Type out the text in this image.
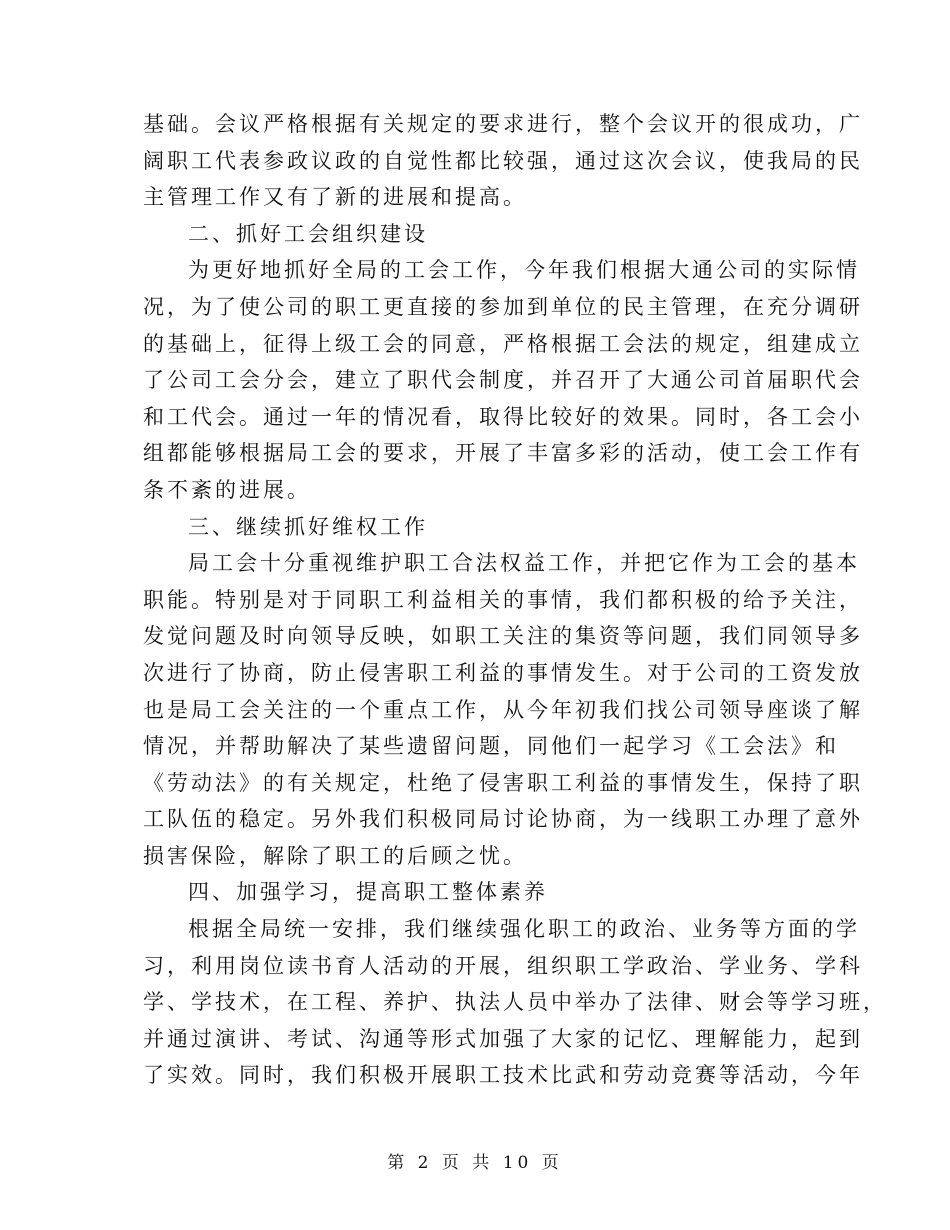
基础。会议严格根据有关规定的要求进行，整个会议开的很成功，广
阔职工代表参政议政的自觉性都比较强，通过这次会议，使我局的民
主管理工作又有了新的进展和提高。
二、抓好工会组织建设
为更好地抓好全局的工会工作，今年我们根据大通公司的实际情
况，为了使公司的职工更直接的参加到单位的民主管理，在充分调研
的基础上，征得上级工会的同意，严格根据工会法的规定，组建成立
了公司工会分会，建立了职代会制度，并召开了大通公司首届职代会
和工代会。通过一年的情况看，取得比较好的效果。同时，各工会小
组都能够根据局工会的要求，开展了丰富多彩的活动，使工会工作有
条不紊的进展。
三、继续抓好维权工作
局工会十分重视维护职工合法权益工作，并把它作为工会的基本
职能。特别是对于同职工利益相关的事情，我们都积极的给予关注，
发觉问题及时向领导反映，如职工关注的集资等问题，我们同领导多
次进行了协商，防止侵害职工利益的事情发生。对于公司的工资发放
也是局工会关注的一个重点工作，从今年初我们找公司领导座谈了解
情况，并帮助解决了某些遗留问题，同他们一起学习《工会法》和
《劳动法》的有关规定，杜绝了侵害职工利益的事情发生，保持了职
工队伍的稳定。另外我们积极同局讨论协商，为一线职工办理了意外
损害保险，解除了职工的后顾之忧。
四、加强学习，提高职工整体素养
根据全局统一安排，我们继续强化职工的政治、业务等方面的学
习，利用岗位读书育人活动的开展，组织职工学政治、学业务、学科
学、学技术，在工程、养护、执法人员中举办了法律、财会等学习班，
并通过演讲、考试、沟通等形式加强了大家的记忆、理解能力，起到
了实效。同时，我们积极开展职工技术比武和劳动竞赛等活动，今年
第 2 页 共 10 页
